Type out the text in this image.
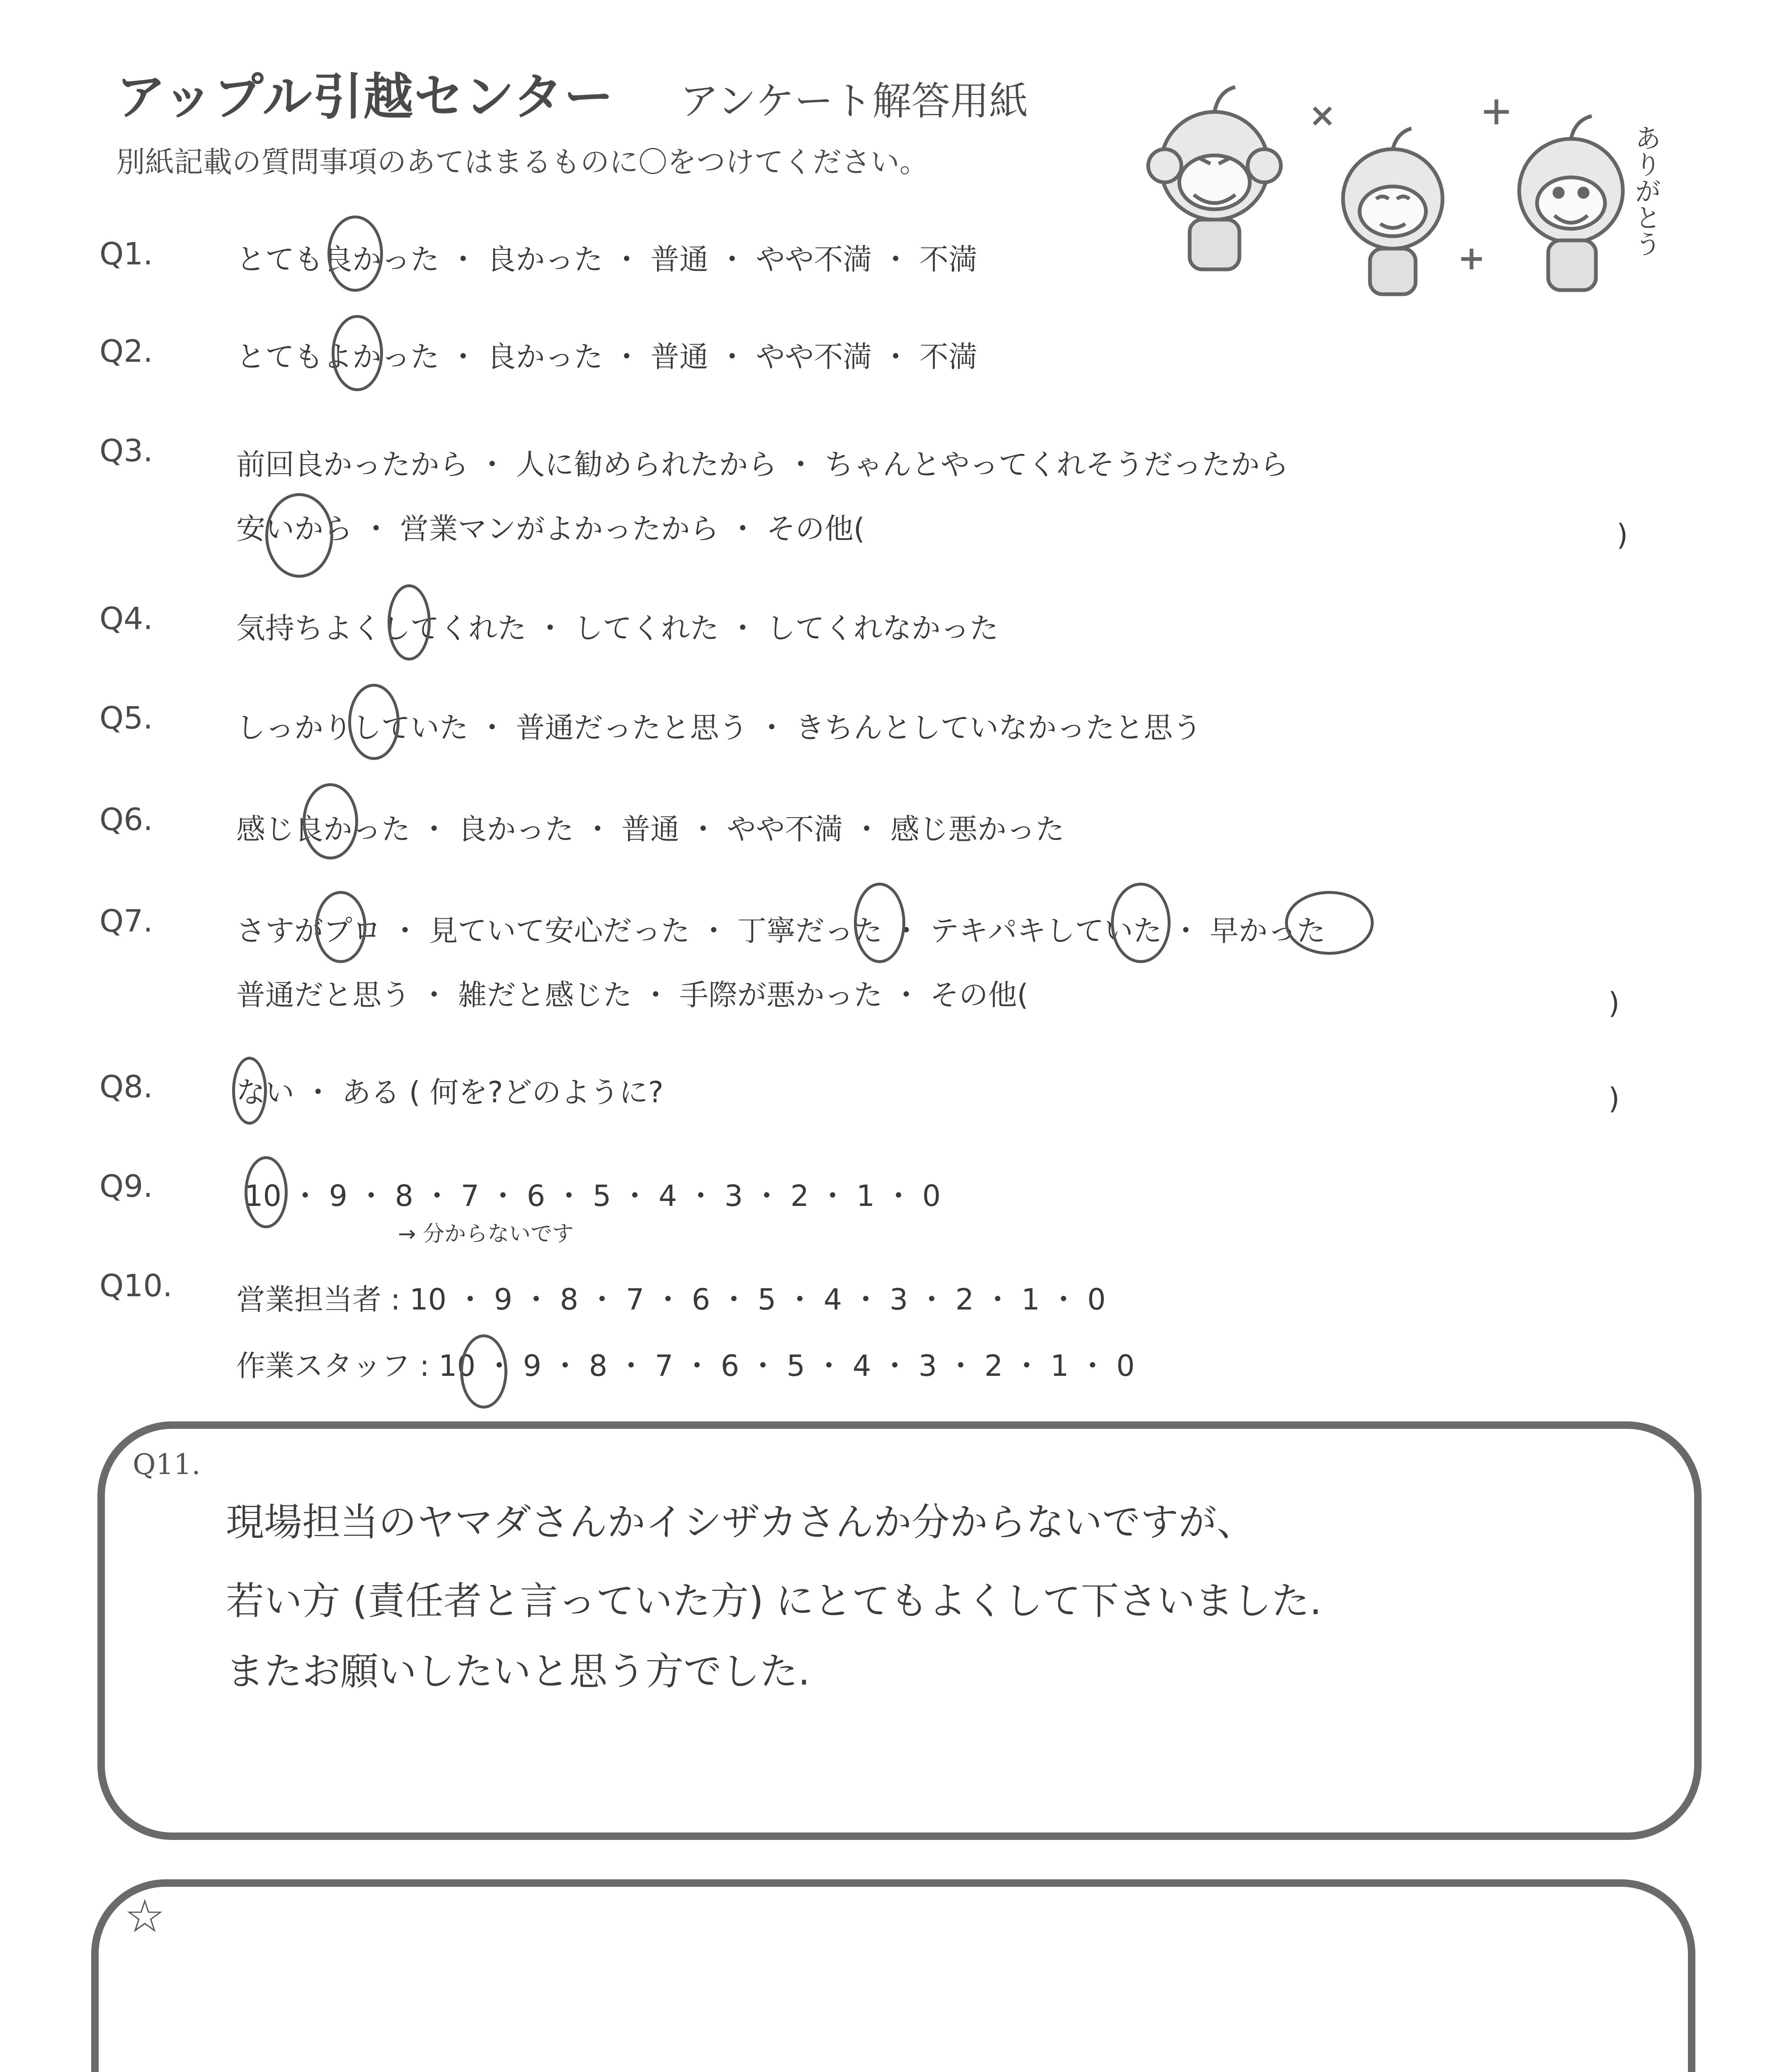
アップル引越センター アンケート解答用紙
別紙記載の質問事項のあてはまるものに〇をつけてください。	ありがとう
Q1.	とても良かった ・ 良かった ・ 普通 ・ やや不満 ・ 不満
Q2.	とてもよかった ・ 良かった ・ 普通 ・ やや不満 ・ 不満
Q3.	前回良かったから ・ 人に勧められたから ・ ちゃんとやってくれそうだったから
安いから ・ 営業マンがよかったから ・ その他(	)
Q4.	気持ちよくしてくれた ・ してくれた ・ してくれなかった
Q5.	しっかりしていた ・ 普通だったと思う ・ きちんとしていなかったと思う
Q6.	感じ良かった ・ 良かった ・ 普通 ・ やや不満 ・ 感じ悪かった
Q7.	さすがプロ ・ 見ていて安心だった ・ 丁寧だった ・ テキパキしていた ・ 早かった
普通だと思う ・ 雑だと感じた ・ 手際が悪かった ・ その他(	)
Q8.	ない ・ ある ( 何を?どのように?	)
Q9.	10 ・ 9 ・ 8 ・ 7 ・ 6 ・ 5 ・ 4 ・ 3 ・ 2 ・ 1 ・ 0
→ 分からないです
Q10. 営業担当者 : 10 ・ 9 ・ 8 ・ 7 ・ 6 ・ 5 ・ 4 ・ 3 ・ 2 ・ 1 ・ 0
作業スタッフ : 10 ・ 9 ・ 8 ・ 7 ・ 6 ・ 5 ・ 4 ・ 3 ・ 2 ・ 1 ・ 0
Q11.
現場担当のヤマダさんかイシザカさんか分からないですが、
若い方 (責任者と言っていた方) にとてもよくして下さいました.
またお願いしたいと思う方でした.
☆
